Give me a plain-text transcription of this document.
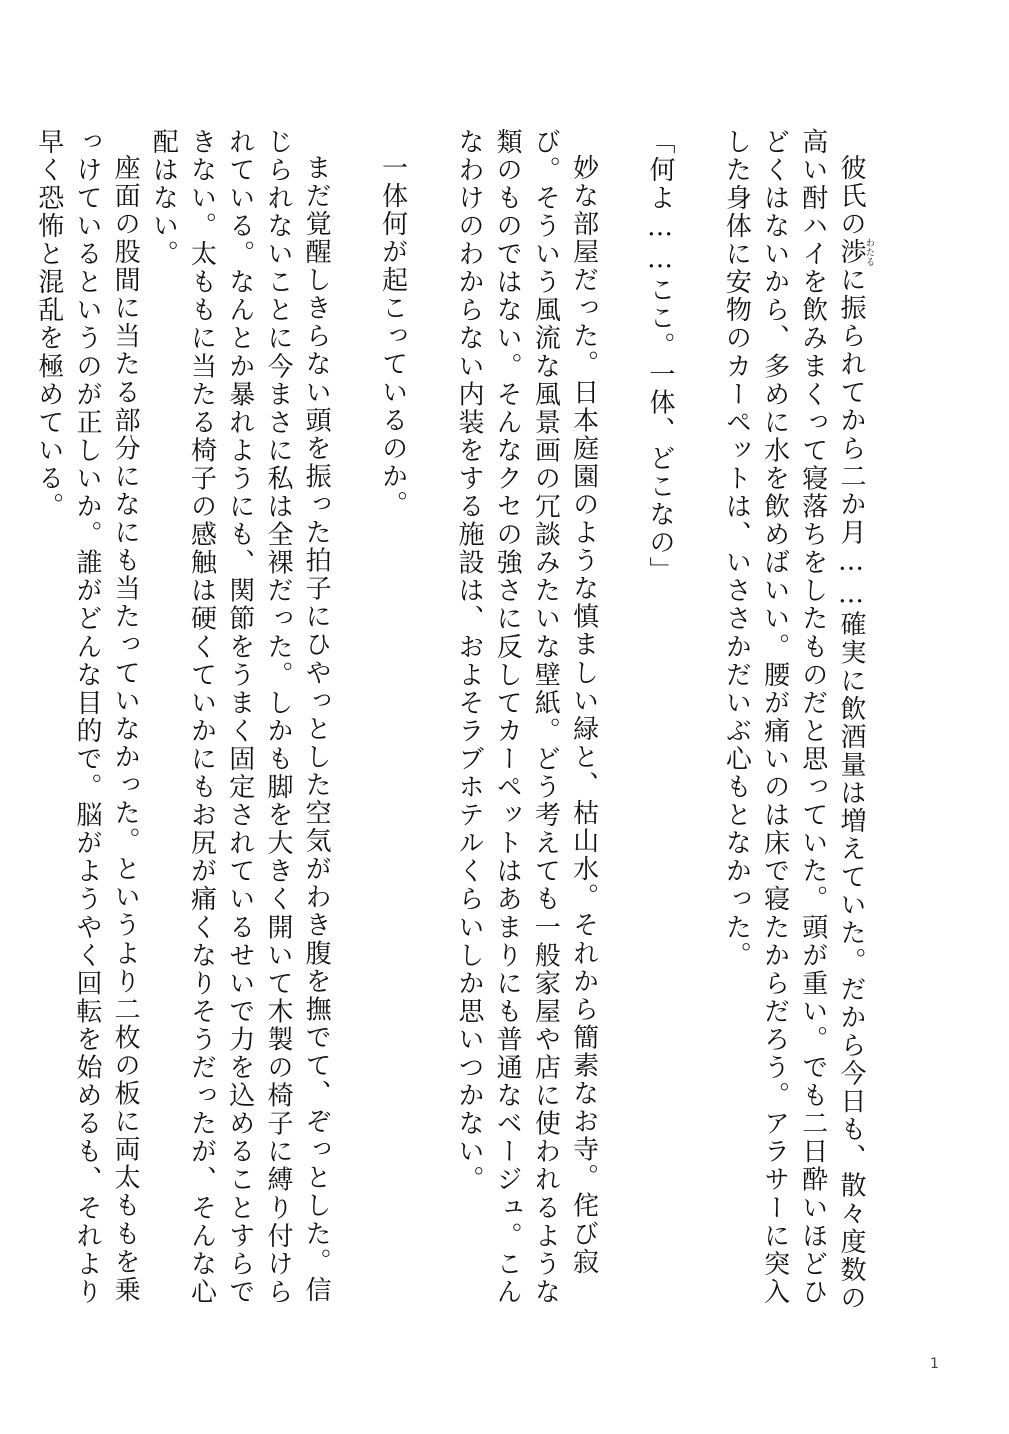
彼氏の渉わたるに振られてから二か月……確実に飲酒量は増えていた。だから今日も、散々度数の高い酎ハイを飲みまくって寝落ちをしたものだと思っていた。頭が重い。でも二日酔いほどひどくはないから、多めに水を飲めばいい。腰が痛いのは床で寝たからだろう。アラサーに突入した身体に安物のカーペットは、いささかだいぶ心もとなかった。

「何よ……ここ。一体、どこなの」

妙な部屋だった。日本庭園のような慎ましい緑と、枯山水。それから簡素なお寺。侘び寂び。そういう風流な風景画の冗談みたいな壁紙。どう考えても一般家屋や店に使われるような類のものではない。そんなクセの強さに反してカーペットはあまりにも普通なベージュ。こんなわけのわからない内装をする施設は、およそラブホテルくらいしか思いつかない。

一体何が起こっているのか。

まだ覚醒しきらない頭を振った拍子にひやっとした空気がわき腹を撫でて、ぞっとした。信じられないことに今まさに私は全裸だった。しかも脚を大きく開いて木製の椅子に縛り付けられている。なんとか暴れようにも、関節をうまく固定されているせいで力を込めることすらできない。太ももに当たる椅子の感触は硬くていかにもお尻が痛くなりそうだったが、そんな心配はない。

座面の股間に当たる部分になにも当たっていなかった。というより二枚の板に両太ももを乗っけているというのが正しいか。誰がどんな目的で。脳がようやく回転を始めるも、それより早く恐怖と混乱を極めている。

1
